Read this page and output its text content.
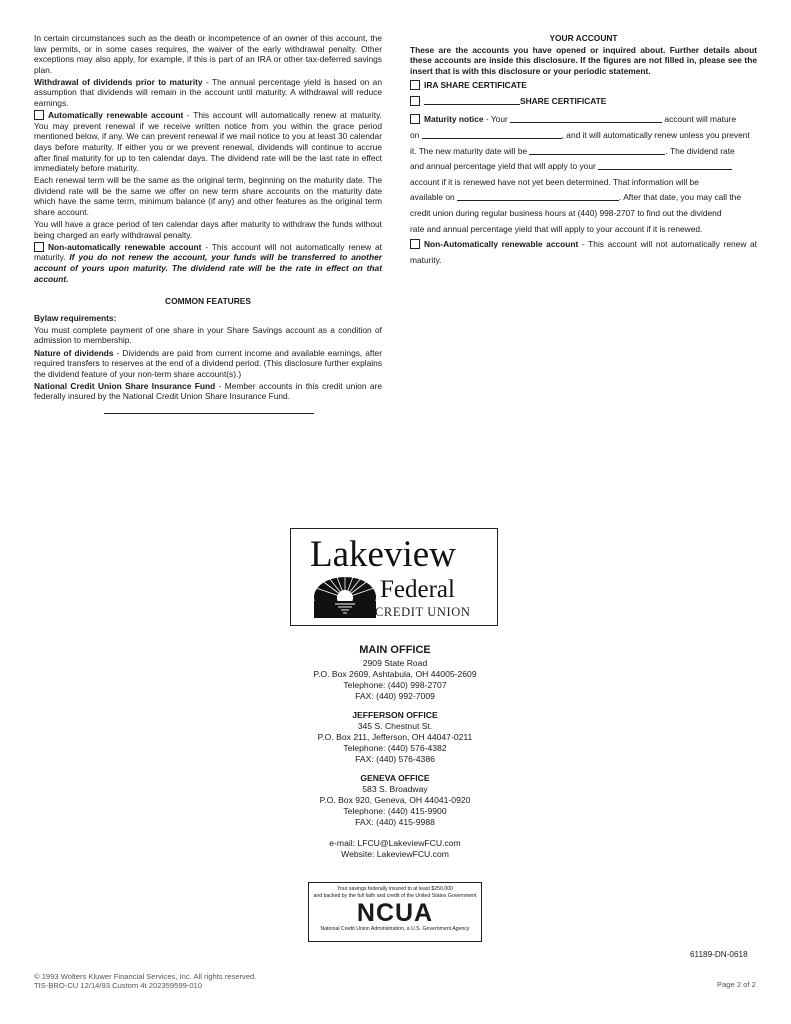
In certain circumstances such as the death or incompetence of an owner of this account, the law permits, or in some cases requires, the waiver of the early withdrawal penalty. Other exceptions may also apply, for example, if this is part of an IRA or other tax-deferred savings plan.

Withdrawal of dividends prior to maturity - The annual percentage yield is based on an assumption that dividends will remain in the account until maturity. A withdrawal will reduce earnings.

Automatically renewable account - This account will automatically renew at maturity. You may prevent renewal if we receive written notice from you within the grace period mentioned below, if any. We can prevent renewal if we mail notice to you at least 30 calendar days before maturity. If either you or we prevent renewal, dividends will continue to accrue after final maturity for up to ten calendar days. The dividend rate will be the last rate in effect immediately before maturity.

Each renewal term will be the same as the original term, beginning on the maturity date. The dividend rate will be the same we offer on new term share accounts on the maturity date which have the same term, minimum balance (if any) and other features as the original term share account.

You will have a grace period of ten calendar days after maturity to withdraw the funds without being charged an early withdrawal penalty.

Non-automatically renewable account - This account will not automatically renew at maturity. If you do not renew the account, your funds will be transferred to another account of yours upon maturity. The dividend rate will be the rate in effect on that account.

COMMON FEATURES

Bylaw requirements:

You must complete payment of one share in your Share Savings account as a condition of admission to membership.

Nature of dividends - Dividends are paid from current income and available earnings, after required transfers to reserves at the end of a dividend period. (This disclosure further explains the dividend feature of your non-term share account(s).)

National Credit Union Share Insurance Fund - Member accounts in this credit union are federally insured by the National Credit Union Share Insurance Fund.

YOUR ACCOUNT

These are the accounts you have opened or inquired about. Further details about these accounts are inside this disclosure. If the figures are not filled in, please see the insert that is with this disclosure or your periodic statement.

IRA SHARE CERTIFICATE
SHARE CERTIFICATE
Maturity notice - Your	account will mature
on	, and it will automatically renew unless you prevent
it. The new maturity date will be	. The dividend rate
and annual percentage yield that will apply to your
account if it is renewed have not yet been determined. That information will be
available on	. After that date, you may call the
credit union during regular business hours at (440) 998-2707 to find out the dividend
rate and annual percentage yield that will apply to your account if it is renewed.
Non-Automatically renewable account - This account will not automatically renew at maturity.
Lakeview
Federal
CREDIT UNION
MAIN OFFICE
2909 State Road
P.O. Box 2609, Ashtabula, OH 44005-2609
Telephone: (440) 998-2707
FAX: (440) 992-7009
JEFFERSON OFFICE
345 S. Chestnut St.
P.O. Box 211, Jefferson, OH 44047-0211
Telephone: (440) 576-4382
FAX: (440) 576-4386
GENEVA OFFICE
583 S. Broadway
P.O. Box 920, Geneva, OH 44041-0920
Telephone: (440) 415-9900
FAX: (440) 415-9988
e-mail: LFCU@LakeviewFCU.com
Website: LakeviewFCU.com
Your savings federally insured to at least $250,000
and backed by the full faith and credit of the United States Government
NCUA
National Credit Union Administration, a U.S. Government Agency
61189-DN-0618
© 1993 Wolters Kluwer Financial Services, Inc. All rights reserved.
TIS-BRO-CU 12/14/93 Custom 4t 202359599-010	Page 2 of 2
